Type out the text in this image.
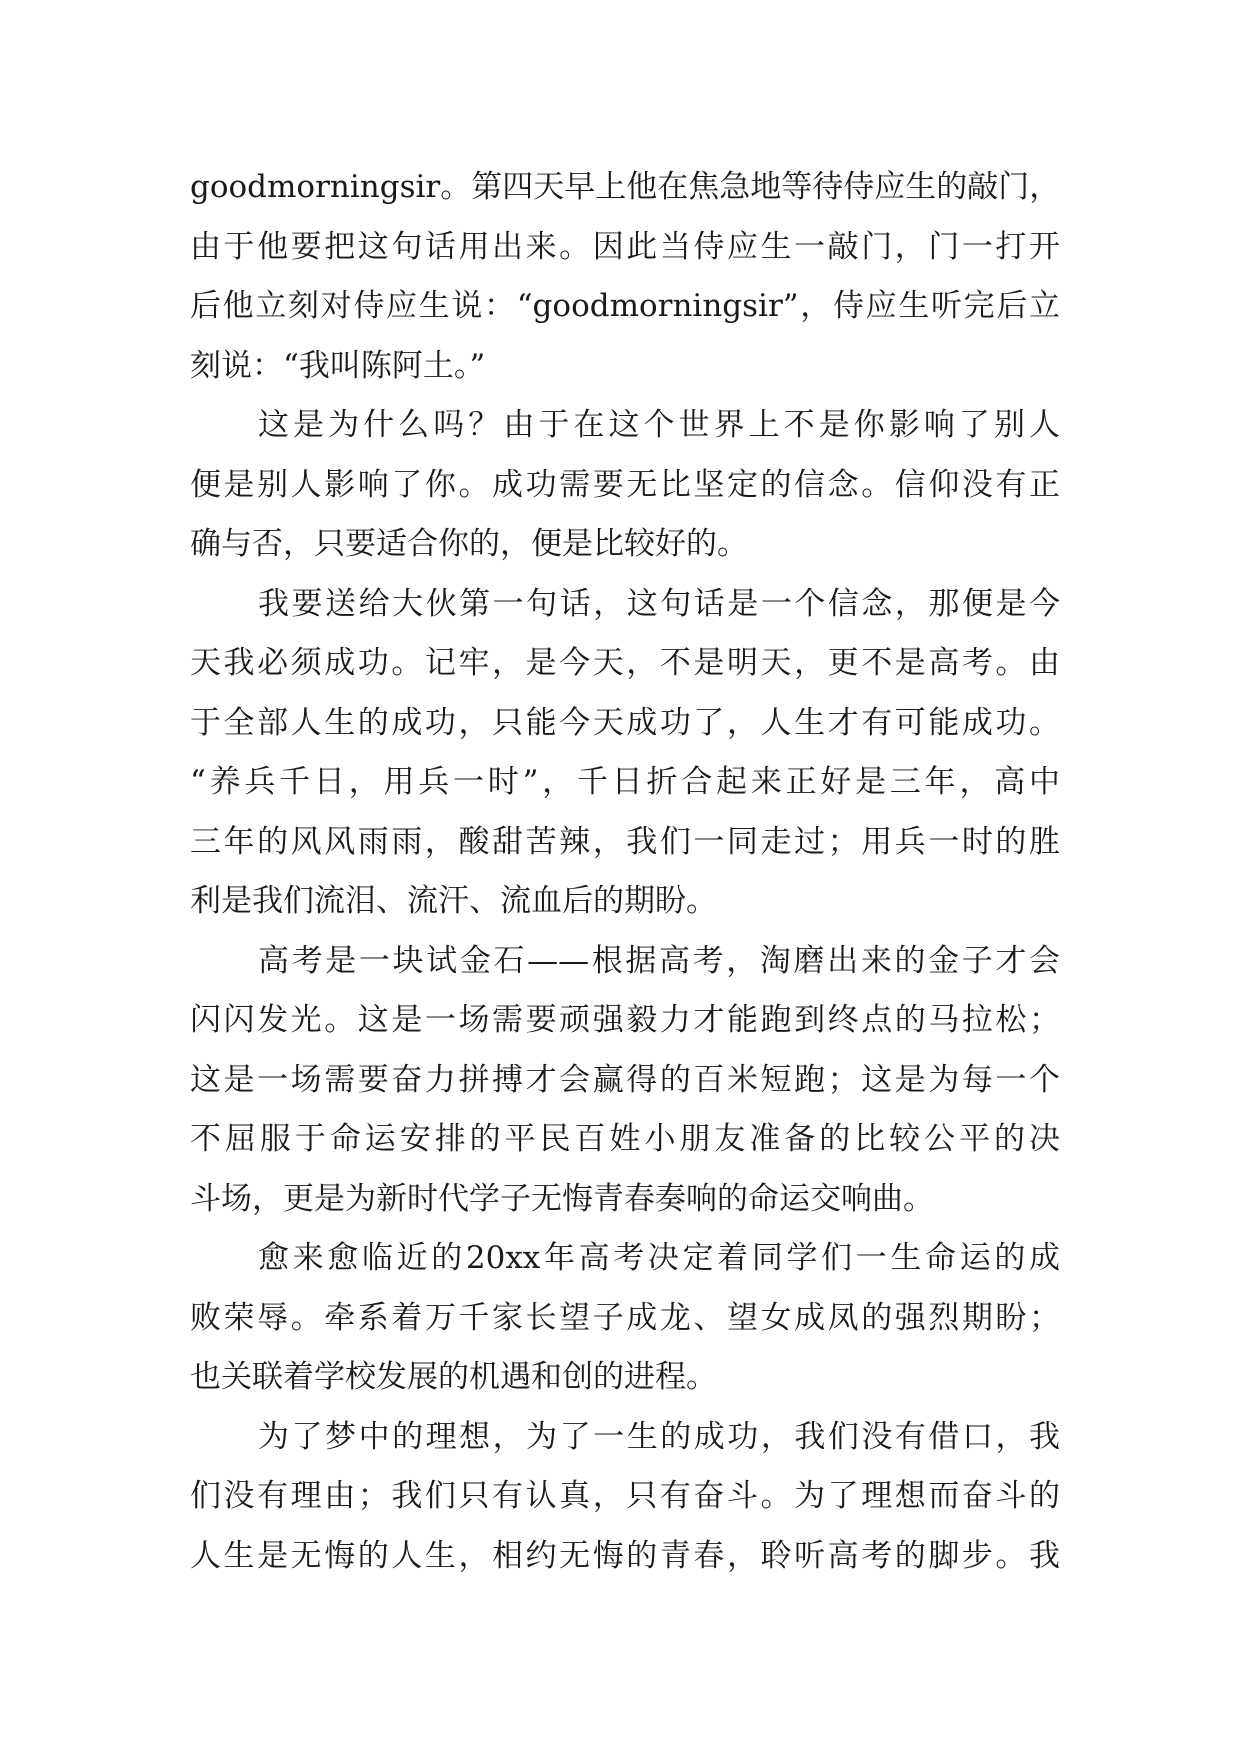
goodmorningsir。第四天早上他在焦急地等待侍应生的敲门，
由于他要把这句话用出来。因此当侍应生一敲门，门一打开
后他立刻对侍应生说：“goodmorningsir”，侍应生听完后立
刻说：“我叫陈阿土。”
这是为什么吗？由于在这个世界上不是你影响了别人
便是别人影响了你。成功需要无比坚定的信念。信仰没有正
确与否，只要适合你的，便是比较好的。
我要送给大伙第一句话，这句话是一个信念，那便是今
天我必须成功。记牢，是今天，不是明天，更不是高考。由
于全部人生的成功，只能今天成功了，人生才有可能成功。
“养兵千日，用兵一时”，千日折合起来正好是三年，高中
三年的风风雨雨，酸甜苦辣，我们一同走过；用兵一时的胜
利是我们流泪、流汗、流血后的期盼。
高考是一块试金石——根据高考，淘磨出来的金子才会
闪闪发光。这是一场需要顽强毅力才能跑到终点的马拉松；
这是一场需要奋力拼搏才会赢得的百米短跑；这是为每一个
不屈服于命运安排的平民百姓小朋友准备的比较公平的决
斗场，更是为新时代学子无悔青春奏响的命运交响曲。
愈来愈临近的20xx年高考决定着同学们一生命运的成
败荣辱。牵系着万千家长望子成龙、望女成凤的强烈期盼；
也关联着学校发展的机遇和创的进程。
为了梦中的理想，为了一生的成功，我们没有借口，我
们没有理由；我们只有认真，只有奋斗。为了理想而奋斗的
人生是无悔的人生，相约无悔的青春，聆听高考的脚步。我
